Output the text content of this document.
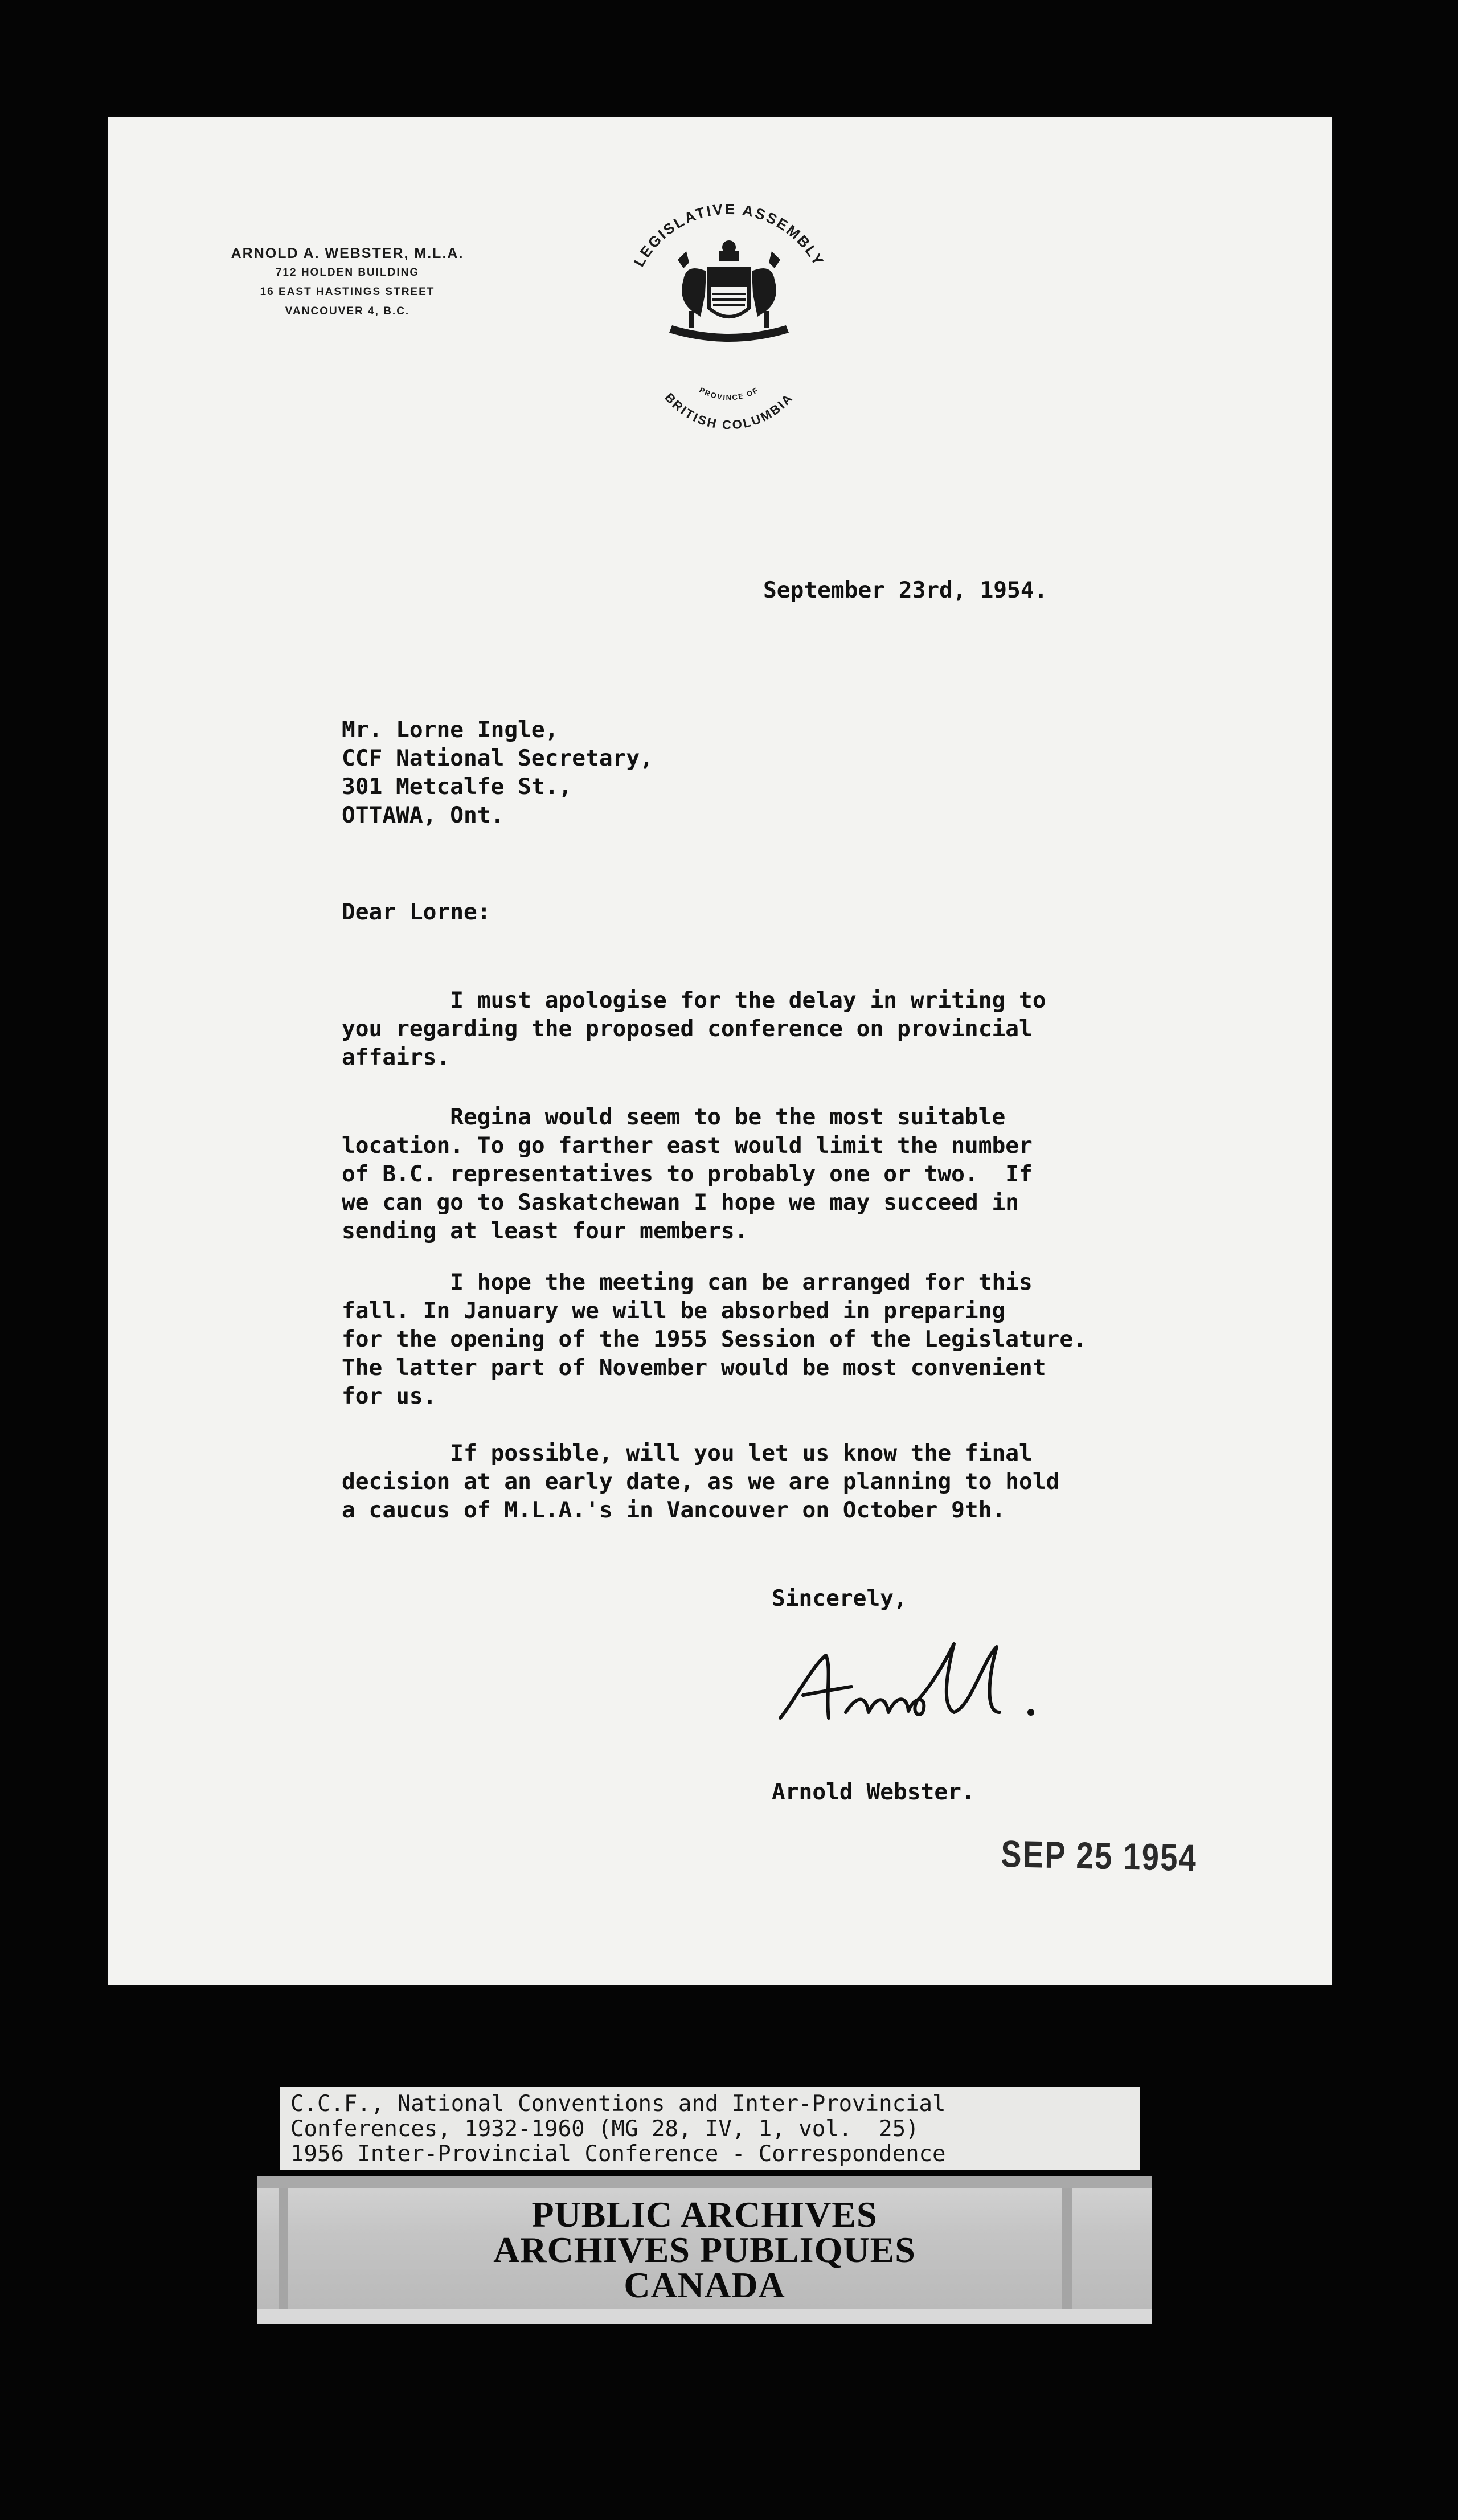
ARNOLD A. WEBSTER, M.L.A.
712 HOLDEN BUILDING
16 EAST HASTINGS STREET
VANCOUVER 4, B.C.
LEGISLATIVE ASSEMBLY
PROVINCE OF
BRITISH COLUMBIA
September 23rd, 1954.
Mr. Lorne Ingle,
CCF National Secretary,
301 Metcalfe St.,
OTTAWA, Ont.
Dear Lorne:
I must apologise for the delay in writing to
you regarding the proposed conference on provincial
affairs.
Regina would seem to be the most suitable
location. To go farther east would limit the number
of B.C. representatives to probably one or two.  If
we can go to Saskatchewan I hope we may succeed in
sending at least four members.
I hope the meeting can be arranged for this
fall. In January we will be absorbed in preparing
for the opening of the 1955 Session of the Legislature.
The latter part of November would be most convenient
for us.
If possible, will you let us know the final
decision at an early date, as we are planning to hold
a caucus of M.L.A.'s in Vancouver on October 9th.
Sincerely,
Arnold Webster.
SEP 25 1954
C.C.F., National Conventions and Inter-Provincial
Conferences, 1932-1960 (MG 28, IV, 1, vol.  25)
1956 Inter-Provincial Conference - Correspondence
PUBLIC ARCHIVES
ARCHIVES PUBLIQUES
CANADA
